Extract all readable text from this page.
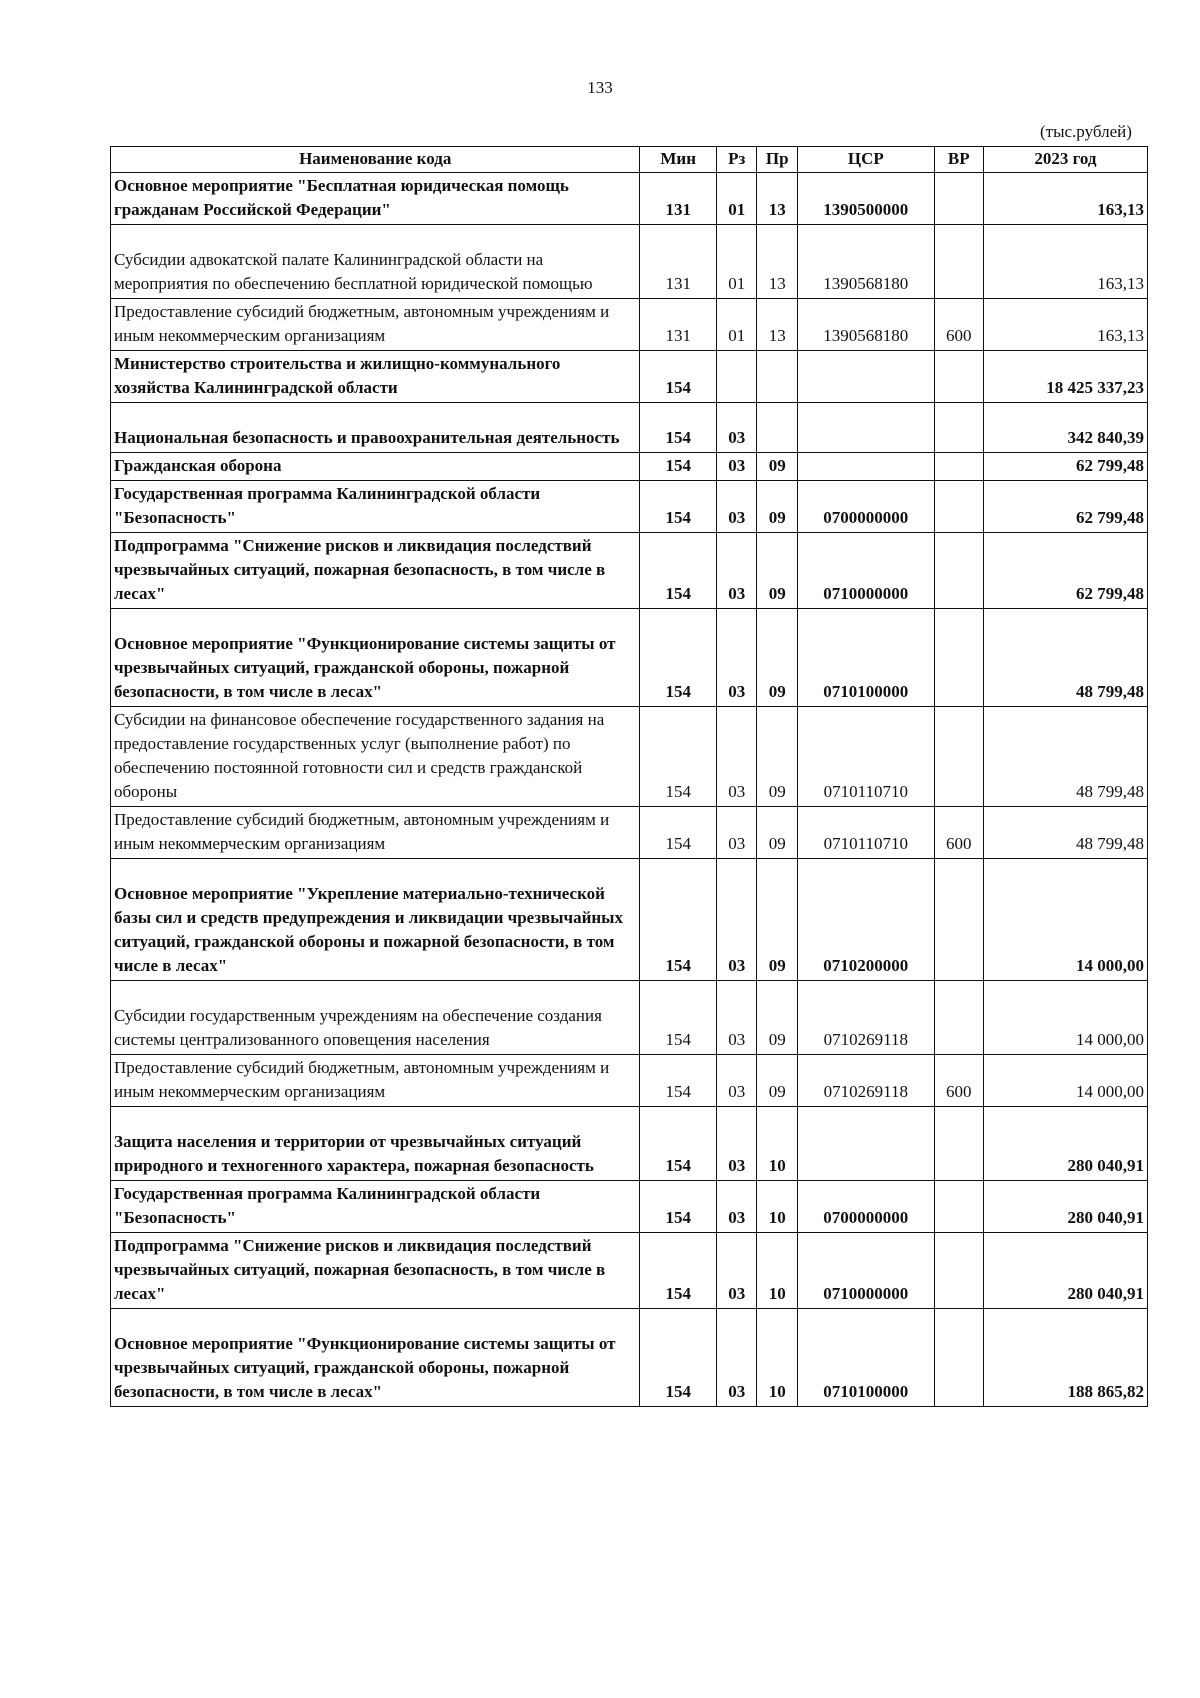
133
(тыс.рублей)
Наименование кода	Мин	Рз	Пр	ЦСР	ВР	2023 год
Основное мероприятие "Бесплатная юридическая помощь гражданам Российской Федерации"	131	01	13	1390500000		163,13
Субсидии адвокатской палате Калининградской области на мероприятия по обеспечению бесплатной юридической помощью	131	01	13	1390568180		163,13
Предоставление субсидий бюджетным, автономным учреждениям и иным некоммерческим организациям	131	01	13	1390568180	600	163,13
Министерство строительства и жилищно-коммунального хозяйства Калининградской области	154					18 425 337,23
Национальная безопасность и правоохранительная деятельность	154	03				342 840,39
Гражданская оборона	154	03	09			62 799,48
Государственная программа Калининградской области "Безопасность"	154	03	09	0700000000		62 799,48
Подпрограмма "Снижение рисков и ликвидация последствий чрезвычайных ситуаций, пожарная безопасность, в том числе в лесах"	154	03	09	0710000000		62 799,48
Основное мероприятие "Функционирование системы защиты от чрезвычайных ситуаций, гражданской обороны, пожарной безопасности, в том числе в лесах"	154	03	09	0710100000		48 799,48
Субсидии на финансовое обеспечение государственного задания на предоставление государственных услуг (выполнение работ) по обеспечению постоянной готовности сил и средств гражданской обороны	154	03	09	0710110710		48 799,48
Предоставление субсидий бюджетным, автономным учреждениям и иным некоммерческим организациям	154	03	09	0710110710	600	48 799,48
Основное мероприятие "Укрепление материально-технической базы сил и средств предупреждения и ликвидации чрезвычайных ситуаций, гражданской обороны и пожарной безопасности, в том числе в лесах"	154	03	09	0710200000		14 000,00
Субсидии государственным учреждениям на обеспечение создания системы централизованного оповещения населения	154	03	09	0710269118		14 000,00
Предоставление субсидий бюджетным, автономным учреждениям и иным некоммерческим организациям	154	03	09	0710269118	600	14 000,00
Защита населения и территории от чрезвычайных ситуаций природного и техногенного характера, пожарная безопасность	154	03	10			280 040,91
Государственная программа Калининградской области "Безопасность"	154	03	10	0700000000		280 040,91
Подпрограмма "Снижение рисков и ликвидация последствий чрезвычайных ситуаций, пожарная безопасность, в том числе в лесах"	154	03	10	0710000000		280 040,91
Основное мероприятие "Функционирование системы защиты от чрезвычайных ситуаций, гражданской обороны, пожарной безопасности, в том числе в лесах"	154	03	10	0710100000		188 865,82
